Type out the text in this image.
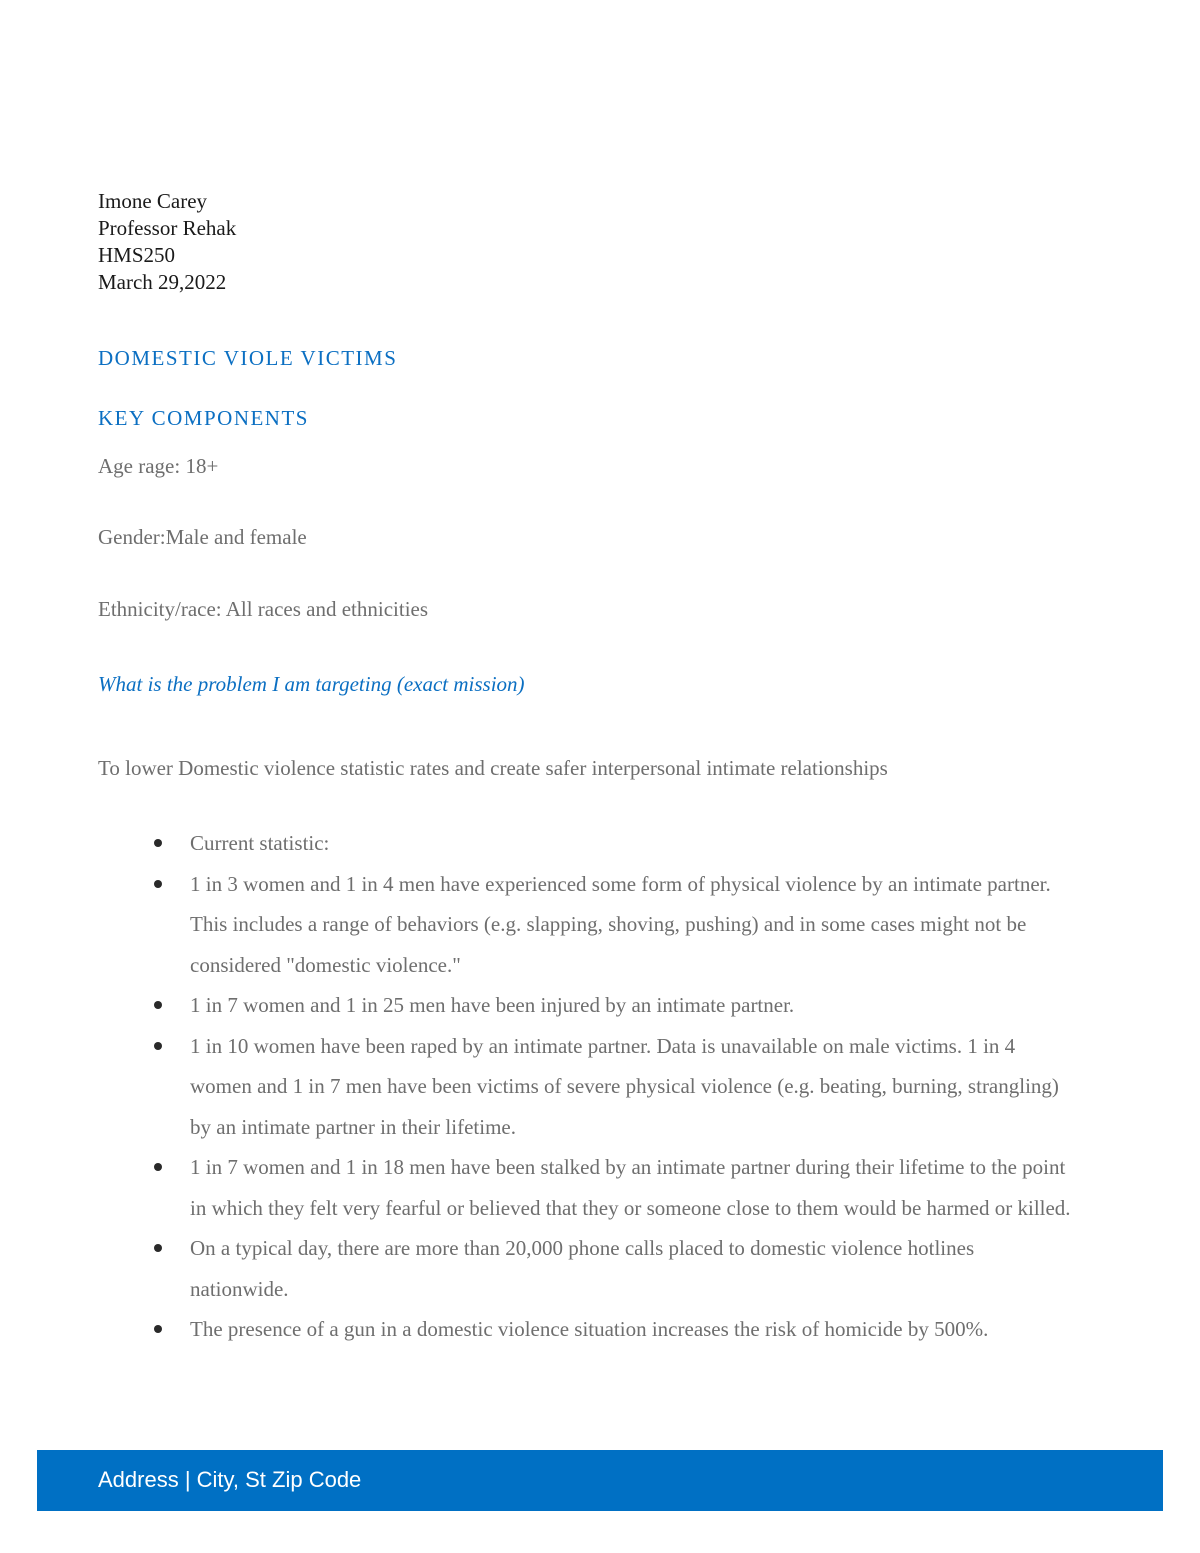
Imone Carey
Professor Rehak
HMS250
March 29,2022
DOMESTIC VIOLE VICTIMS
KEY COMPONENTS
Age rage: 18+
Gender:Male and female
Ethnicity/race: All races and ethnicities
What is the problem I am targeting (exact mission)
To lower Domestic violence statistic rates and create safer interpersonal intimate relationships
Current statistic:
1 in 3 women and 1 in 4 men have experienced some form of physical violence by an intimate partner. This includes a range of behaviors (e.g. slapping, shoving, pushing) and in some cases might not be considered "domestic violence."
1 in 7 women and 1 in 25 men have been injured by an intimate partner.
1 in 10 women have been raped by an intimate partner. Data is unavailable on male victims. 1 in 4 women and 1 in 7 men have been victims of severe physical violence (e.g. beating, burning, strangling) by an intimate partner in their lifetime.
1 in 7 women and 1 in 18 men have been stalked by an intimate partner during their lifetime to the point in which they felt very fearful or believed that they or someone close to them would be harmed or killed.
On a typical day, there are more than 20,000 phone calls placed to domestic violence hotlines nationwide.
The presence of a gun in a domestic violence situation increases the risk of homicide by 500%.
Address | City, St Zip Code
